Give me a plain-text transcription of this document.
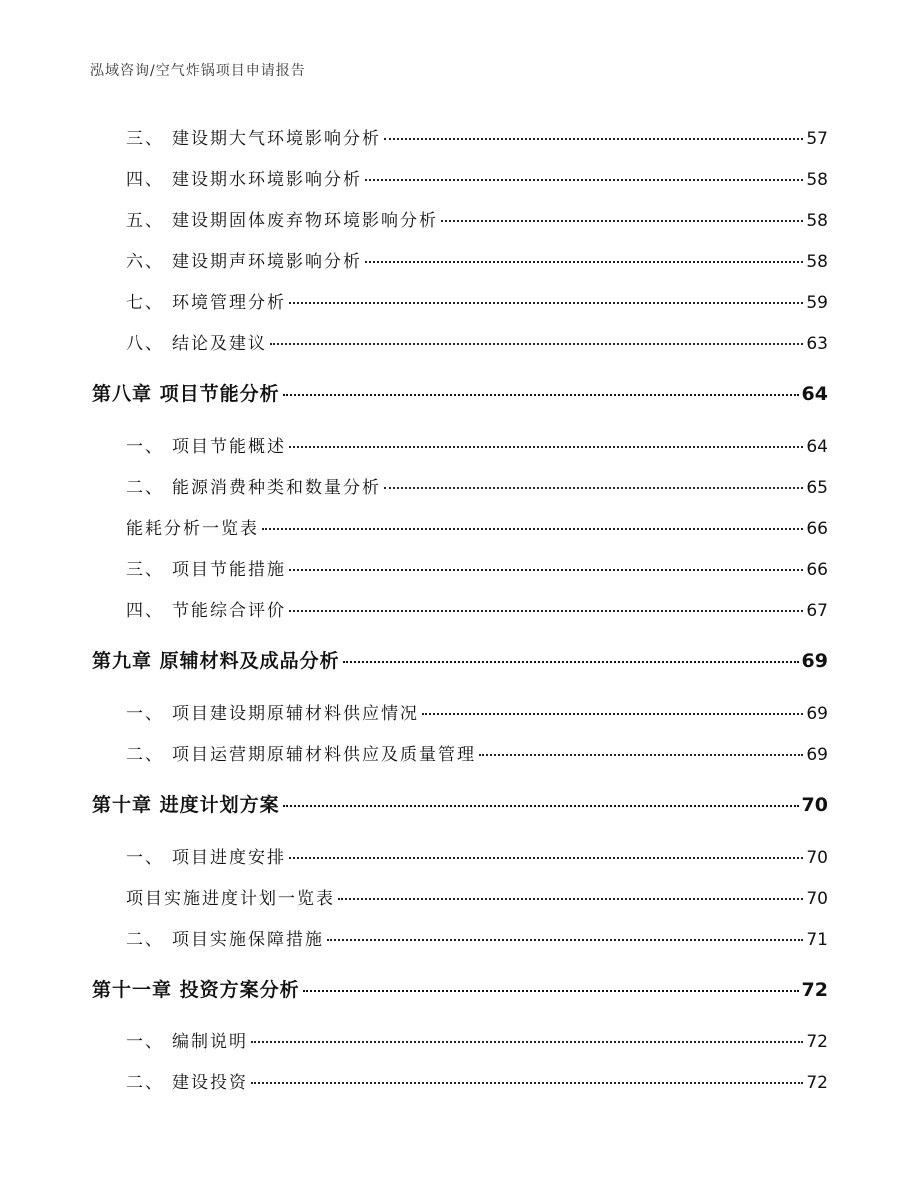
泓域咨询/空气炸锅项目申请报告
三、 建设期大气环境影响分析	57
四、 建设期水环境影响分析	58
五、 建设期固体废弃物环境影响分析	58
六、 建设期声环境影响分析	58
七、 环境管理分析	59
八、 结论及建议	63
第八章 项目节能分析	64
一、 项目节能概述	64
二、 能源消费种类和数量分析	65
能耗分析一览表	66
三、 项目节能措施	66
四、 节能综合评价	67
第九章 原辅材料及成品分析	69
一、 项目建设期原辅材料供应情况	69
二、 项目运营期原辅材料供应及质量管理	69
第十章 进度计划方案	70
一、 项目进度安排	70
项目实施进度计划一览表	70
二、 项目实施保障措施	71
第十一章 投资方案分析	72
一、 编制说明	72
二、 建设投资	72
